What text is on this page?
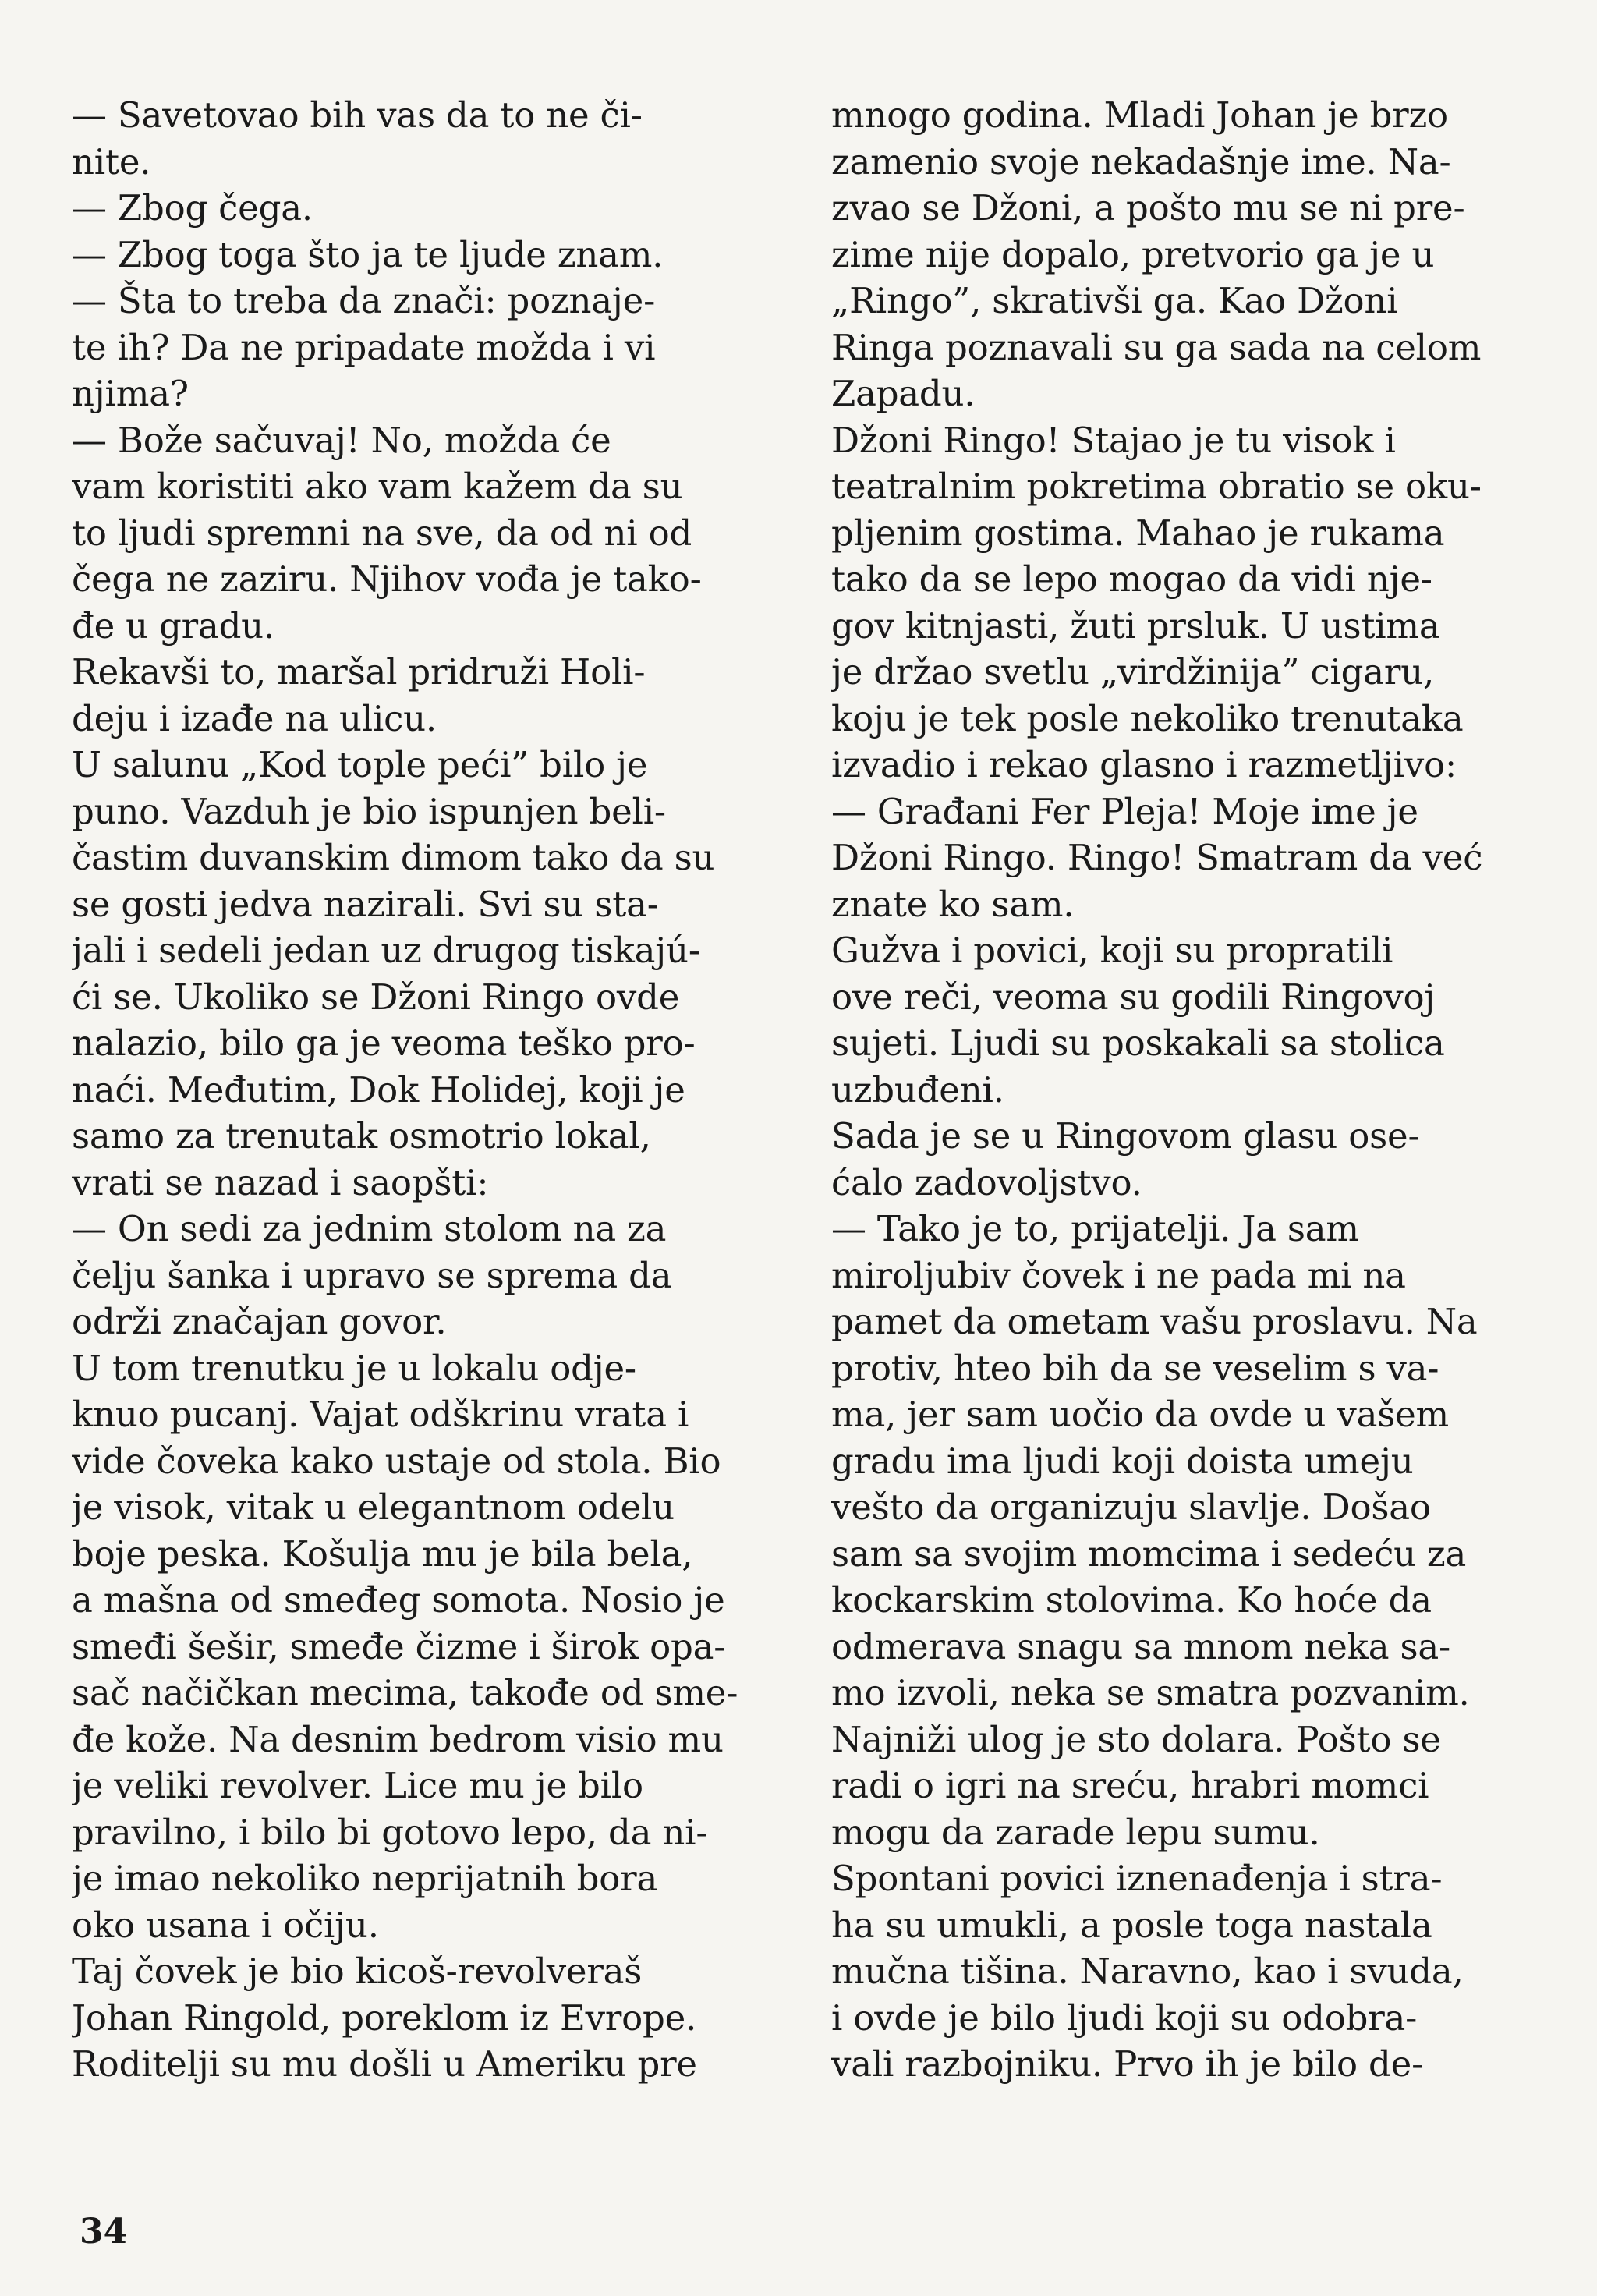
— Savetovao bih vas da to ne či-
nite.
— Zbog čega.
— Zbog toga što ja te ljude znam.
— Šta to treba da znači: poznaje-
te ih? Da ne pripadate možda i vi
njima?
— Bože sačuvaj! No, možda će
vam koristiti ako vam kažem da su
to ljudi spremni na sve, da od ni od
čega ne zaziru. Njihov vođa je tako-
đe u gradu.
Rekavši to, maršal pridruži Holi-
deju i izađe na ulicu.
U salunu „Kod tople peći” bilo je
puno. Vazduh je bio ispunjen beli-
častim duvanskim dimom tako da su
se gosti jedva nazirali. Svi su sta-
jali i sedeli jedan uz drugog tiskajú-
ći se. Ukoliko se Džoni Ringo ovde
nalazio, bilo ga je veoma teško pro-
naći. Međutim, Dok Holidej, koji je
samo za trenutak osmotrio lokal,
vrati se nazad i saopšti:
— On sedi za jednim stolom na za
čelju šanka i upravo se sprema da
održi značajan govor.
U tom trenutku je u lokalu odje-
knuo pucanj. Vajat odškrinu vrata i
vide čoveka kako ustaje od stola. Bio
je visok, vitak u elegantnom odelu
boje peska. Košulja mu je bila bela,
a mašna od smeđeg somota. Nosio je
smeđi šešir, smeđe čizme i širok opa-
sač načičkan mecima, takođe od sme-
đe kože. Na desnim bedrom visio mu
je veliki revolver. Lice mu je bilo
pravilno, i bilo bi gotovo lepo, da ni-
je imao nekoliko neprijatnih bora
oko usana i očiju.
Taj čovek je bio kicoš-revolveraš
Johan Ringold, poreklom iz Evrope.
Roditelji su mu došli u Ameriku pre
mnogo godina. Mladi Johan je brzo
zamenio svoje nekadašnje ime. Na-
zvao se Džoni, a pošto mu se ni pre-
zime nije dopalo, pretvorio ga je u
„Ringo”, skrativši ga. Kao Džoni
Ringa poznavali su ga sada na celom
Zapadu.
Džoni Ringo! Stajao je tu visok i
teatralnim pokretima obratio se oku-
pljenim gostima. Mahao je rukama
tako da se lepo mogao da vidi nje-
gov kitnjasti, žuti prsluk. U ustima
je držao svetlu „virdžinija” cigaru,
koju je tek posle nekoliko trenutaka
izvadio i rekao glasno i razmetljivo:
— Građani Fer Pleja! Moje ime je
Džoni Ringo. Ringo! Smatram da već
znate ko sam.
Gužva i povici, koji su propratili
ove reči, veoma su godili Ringovoj
sujeti. Ljudi su poskakali sa stolica
uzbuđeni.
Sada je se u Ringovom glasu ose-
ćalo zadovoljstvo.
— Tako je to, prijatelji. Ja sam
miroljubiv čovek i ne pada mi na
pamet da ometam vašu proslavu. Na
protiv, hteo bih da se veselim s va-
ma, jer sam uočio da ovde u vašem
gradu ima ljudi koji doista umeju
vešto da organizuju slavlje. Došao
sam sa svojim momcima i sedeću za
kockarskim stolovima. Ko hoće da
odmerava snagu sa mnom neka sa-
mo izvoli, neka se smatra pozvanim.
Najniži ulog je sto dolara. Pošto se
radi o igri na sreću, hrabri momci
mogu da zarade lepu sumu.
Spontani povici iznenađenja i stra-
ha su umukli, a posle toga nastala
mučna tišina. Naravno, kao i svuda,
i ovde je bilo ljudi koji su odobra-
vali razbojniku. Prvo ih je bilo de-
34
